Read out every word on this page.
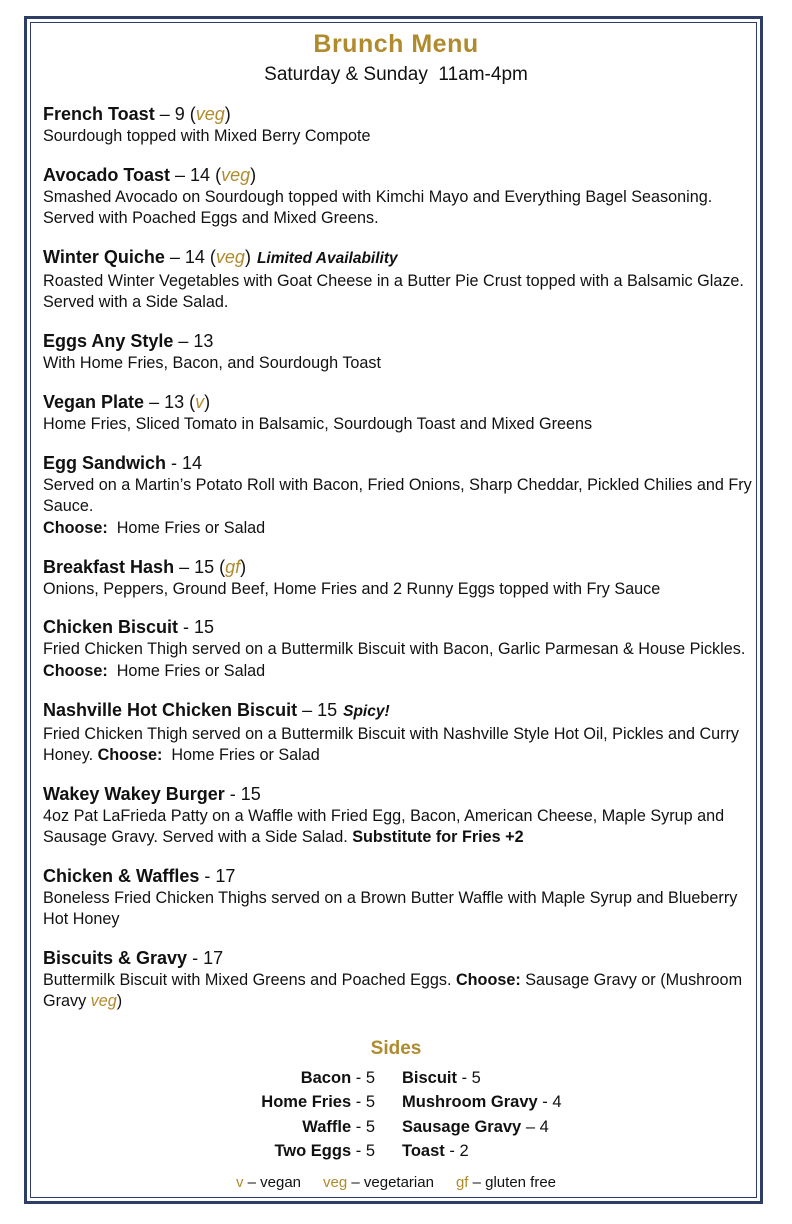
Brunch Menu
Saturday & Sunday  11am-4pm
French Toast – 9 (veg)
Sourdough topped with Mixed Berry Compote
Avocado Toast – 14 (veg)
Smashed Avocado on Sourdough topped with Kimchi Mayo and Everything Bagel Seasoning. Served with Poached Eggs and Mixed Greens.
Winter Quiche – 14 (veg) Limited Availability
Roasted Winter Vegetables with Goat Cheese in a Butter Pie Crust topped with a Balsamic Glaze. Served with a Side Salad.
Eggs Any Style – 13
With Home Fries, Bacon, and Sourdough Toast
Vegan Plate – 13 (v)
Home Fries, Sliced Tomato in Balsamic, Sourdough Toast and Mixed Greens
Egg Sandwich - 14
Served on a Martin’s Potato Roll with Bacon, Fried Onions, Sharp Cheddar, Pickled Chilies and Fry Sauce.
Choose:  Home Fries or Salad
Breakfast Hash – 15 (gf)
Onions, Peppers, Ground Beef, Home Fries and 2 Runny Eggs topped with Fry Sauce
Chicken Biscuit - 15
Fried Chicken Thigh served on a Buttermilk Biscuit with Bacon, Garlic Parmesan & House Pickles. Choose:  Home Fries or Salad
Nashville Hot Chicken Biscuit – 15 Spicy!
Fried Chicken Thigh served on a Buttermilk Biscuit with Nashville Style Hot Oil, Pickles and Curry Honey. Choose:  Home Fries or Salad
Wakey Wakey Burger - 15
4oz Pat LaFrieda Patty on a Waffle with Fried Egg, Bacon, American Cheese, Maple Syrup and Sausage Gravy. Served with a Side Salad. Substitute for Fries +2
Chicken & Waffles - 17
Boneless Fried Chicken Thighs served on a Brown Butter Waffle with Maple Syrup and Blueberry Hot Honey
Biscuits & Gravy - 17
Buttermilk Biscuit with Mixed Greens and Poached Eggs. Choose: Sausage Gravy or (Mushroom Gravy veg)
Sides
Bacon - 5
Home Fries - 5
Waffle - 5
Two Eggs - 5
Biscuit - 5
Mushroom Gravy - 4
Sausage Gravy – 4
Toast - 2
v – vegan veg – vegetarian gf – gluten free
